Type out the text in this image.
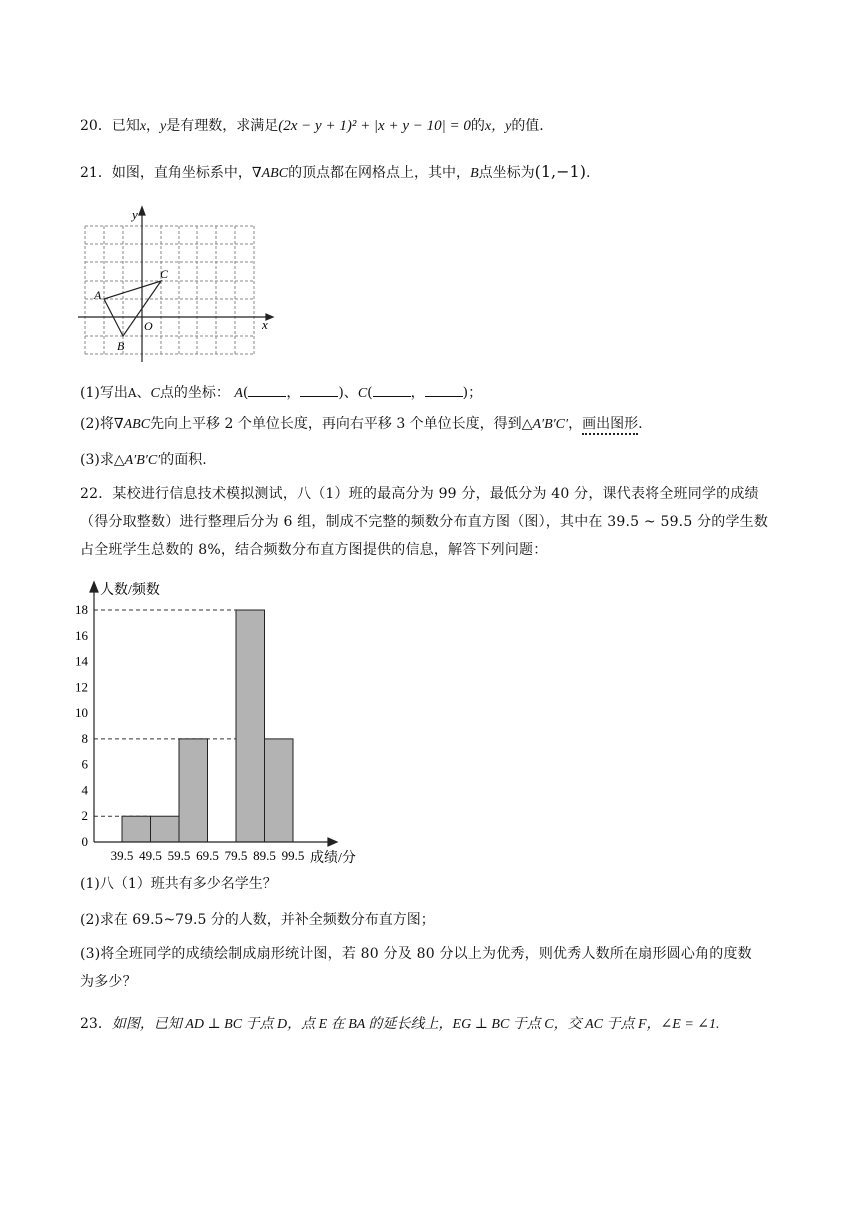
20．已知x，y是有理数，求满足(2x − y + 1)² + |x + y − 10| = 0的x，y的值.
21．如图，直角坐标系中，∇ABC的顶点都在网格点上，其中，B点坐标为(1,−1).
y
x
O
A
B
C
(1)写出A、C点的坐标： A(	，	)、C(	，	)；
(2)将∇ABC先向上平移 2 个单位长度，再向右平移 3 个单位长度，得到△A′B′C′，画出图形.
(3)求△A′B′C′的面积.
22．某校进行信息技术模拟测试，八（1）班的最高分为 99 分，最低分为 40 分，课代表将全班同学的成绩
（得分取整数）进行整理后分为 6 组，制成不完整的频数分布直方图（图），其中在 39.5 ~ 59.5 分的学生数
占全班学生总数的 8%，结合频数分布直方图提供的信息，解答下列问题：
0
2
4
6
8
10
12
14
16
18
39.5 49.5 59.5 69.5 79.5 89.5 99.5
人数/频数
成绩/分
(1)八（1）班共有多少名学生？
(2)求在 69.5~79.5 分的人数，并补全频数分布直方图；
(3)将全班同学的成绩绘制成扇形统计图，若 80 分及 80 分以上为优秀，则优秀人数所在扇形圆心角的度数
为多少？
23．如图，已知 AD ⊥ BC 于点 D，点 E 在 BA 的延长线上，EG ⊥ BC 于点 C，交 AC 于点 F，∠E = ∠1.
